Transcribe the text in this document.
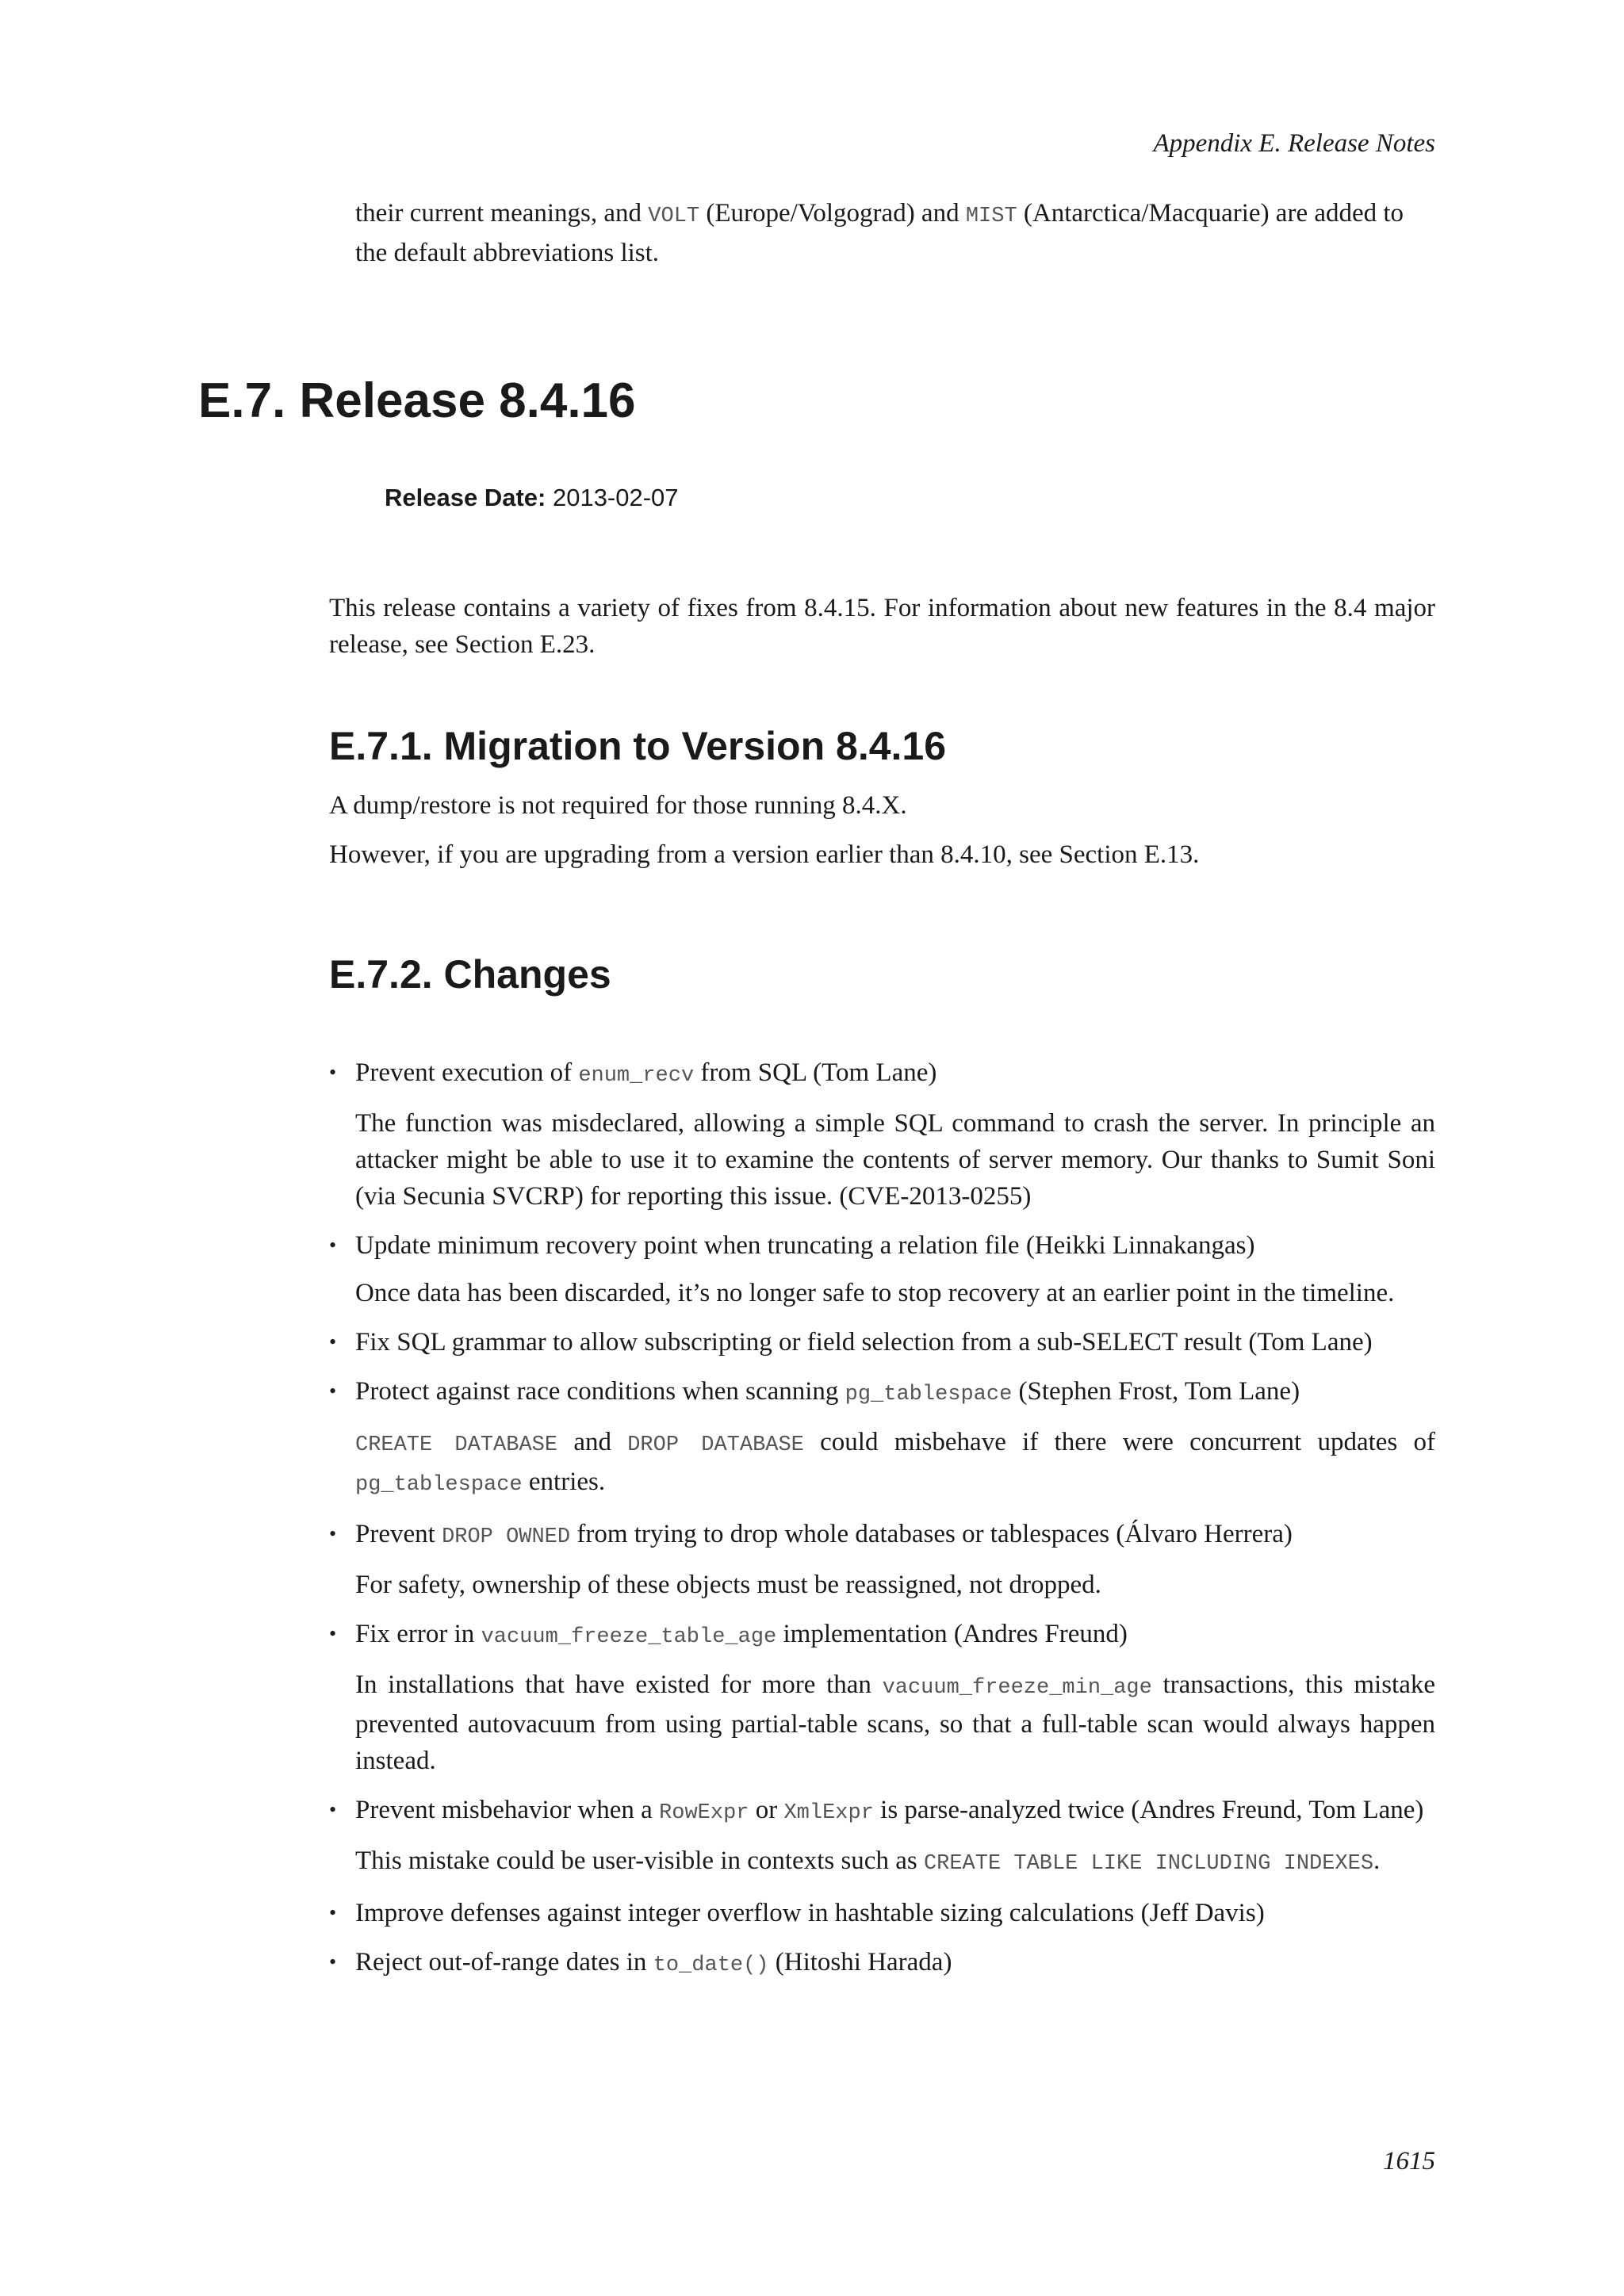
Appendix E. Release Notes

their current meanings, and VOLT (Europe/Volgograd) and MIST (Antarctica/Macquarie) are added to the default abbreviations list.

E.7. Release 8.4.16
Release Date: 2013-02-07

This release contains a variety of fixes from 8.4.15. For information about new features in the 8.4 major release, see Section E.23.

E.7.1. Migration to Version 8.4.16

A dump/restore is not required for those running 8.4.X.

However, if you are upgrading from a version earlier than 8.4.10, see Section E.13.

E.7.2. Changes
• Prevent execution of enum_recv from SQL (Tom Lane)

The function was misdeclared, allowing a simple SQL command to crash the server. In principle an attacker might be able to use it to examine the contents of server memory. Our thanks to Sumit Soni (via Secunia SVCRP) for reporting this issue. (CVE-2013-0255)

• Update minimum recovery point when truncating a relation file (Heikki Linnakangas)

Once data has been discarded, it’s no longer safe to stop recovery at an earlier point in the timeline.

• Fix SQL grammar to allow subscripting or field selection from a sub-SELECT result (Tom Lane)
• Protect against race conditions when scanning pg_tablespace (Stephen Frost, Tom Lane)

CREATE DATABASE and DROP DATABASE could misbehave if there were concurrent updates of pg_tablespace entries.

• Prevent DROP OWNED from trying to drop whole databases or tablespaces (Álvaro Herrera)

For safety, ownership of these objects must be reassigned, not dropped.

• Fix error in vacuum_freeze_table_age implementation (Andres Freund)

In installations that have existed for more than vacuum_freeze_min_age transactions, this mistake prevented autovacuum from using partial-table scans, so that a full-table scan would always happen instead.

• Prevent misbehavior when a RowExpr or XmlExpr is parse-analyzed twice (Andres Freund, Tom Lane)

This mistake could be user-visible in contexts such as CREATE TABLE LIKE INCLUDING INDEXES.

• Improve defenses against integer overflow in hashtable sizing calculations (Jeff Davis)
• Reject out-of-range dates in to_date() (Hitoshi Harada)
1615
